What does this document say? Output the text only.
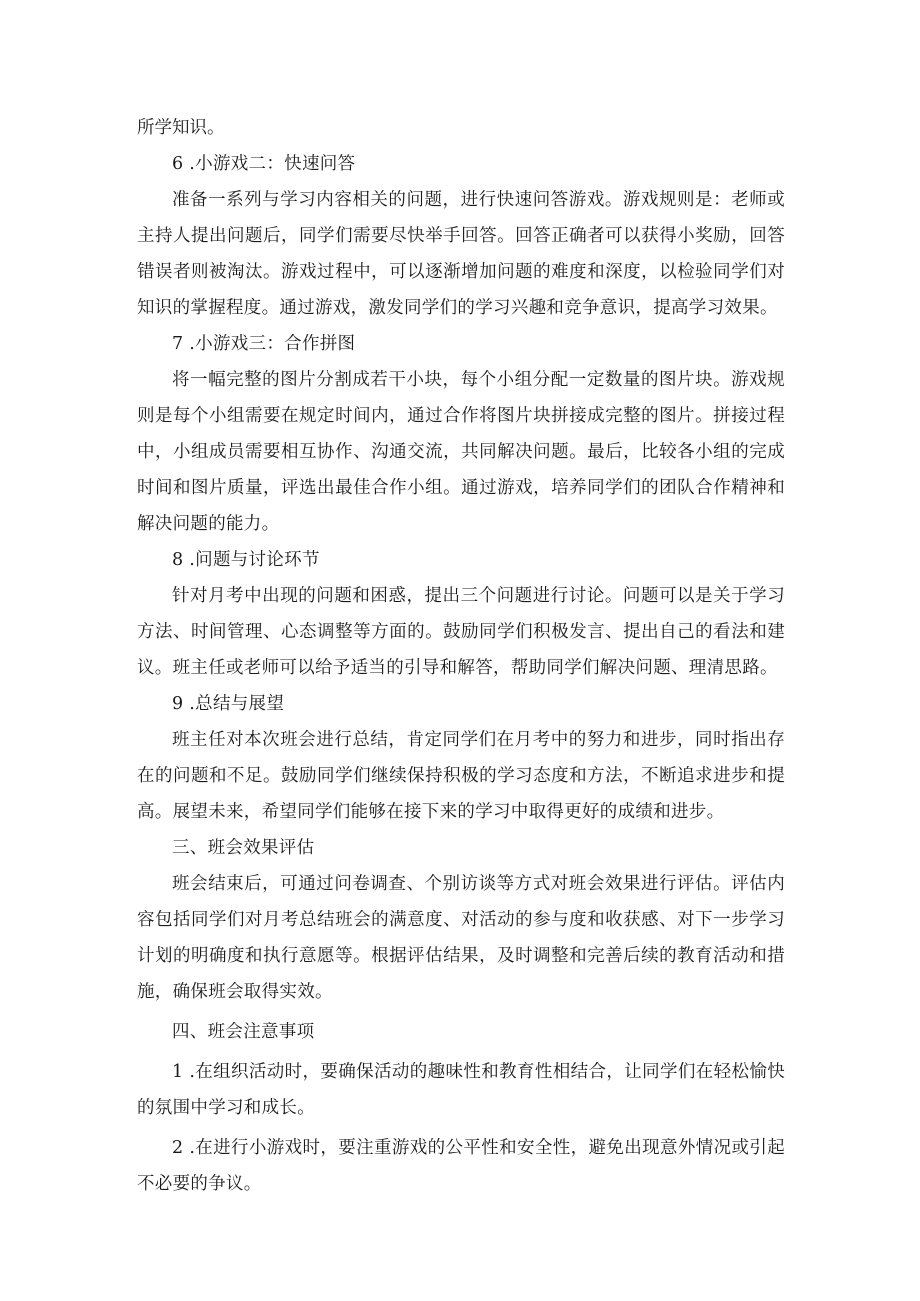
所学知识。

6 .小游戏二：快速问答

准备一系列与学习内容相关的问题，进行快速问答游戏。游戏规则是：老师或主持人提出问题后，同学们需要尽快举手回答。回答正确者可以获得小奖励，回答错误者则被淘汰。游戏过程中，可以逐渐增加问题的难度和深度，以检验同学们对知识的掌握程度。通过游戏，激发同学们的学习兴趣和竞争意识，提高学习效果。

7 .小游戏三：合作拼图

将一幅完整的图片分割成若干小块，每个小组分配一定数量的图片块。游戏规则是每个小组需要在规定时间内，通过合作将图片块拼接成完整的图片。拼接过程中，小组成员需要相互协作、沟通交流，共同解决问题。最后，比较各小组的完成时间和图片质量，评选出最佳合作小组。通过游戏，培养同学们的团队合作精神和解决问题的能力。

8 .问题与讨论环节

针对月考中出现的问题和困惑，提出三个问题进行讨论。问题可以是关于学习方法、时间管理、心态调整等方面的。鼓励同学们积极发言、提出自己的看法和建议。班主任或老师可以给予适当的引导和解答，帮助同学们解决问题、理清思路。

9 .总结与展望

班主任对本次班会进行总结，肯定同学们在月考中的努力和进步，同时指出存在的问题和不足。鼓励同学们继续保持积极的学习态度和方法，不断追求进步和提高。展望未来，希望同学们能够在接下来的学习中取得更好的成绩和进步。

三、班会效果评估

班会结束后，可通过问卷调查、个别访谈等方式对班会效果进行评估。评估内容包括同学们对月考总结班会的满意度、对活动的参与度和收获感、对下一步学习计划的明确度和执行意愿等。根据评估结果，及时调整和完善后续的教育活动和措施，确保班会取得实效。

四、班会注意事项

1 .在组织活动时，要确保活动的趣味性和教育性相结合，让同学们在轻松愉快的氛围中学习和成长。

2 .在进行小游戏时，要注重游戏的公平性和安全性，避免出现意外情况或引起不必要的争议。
